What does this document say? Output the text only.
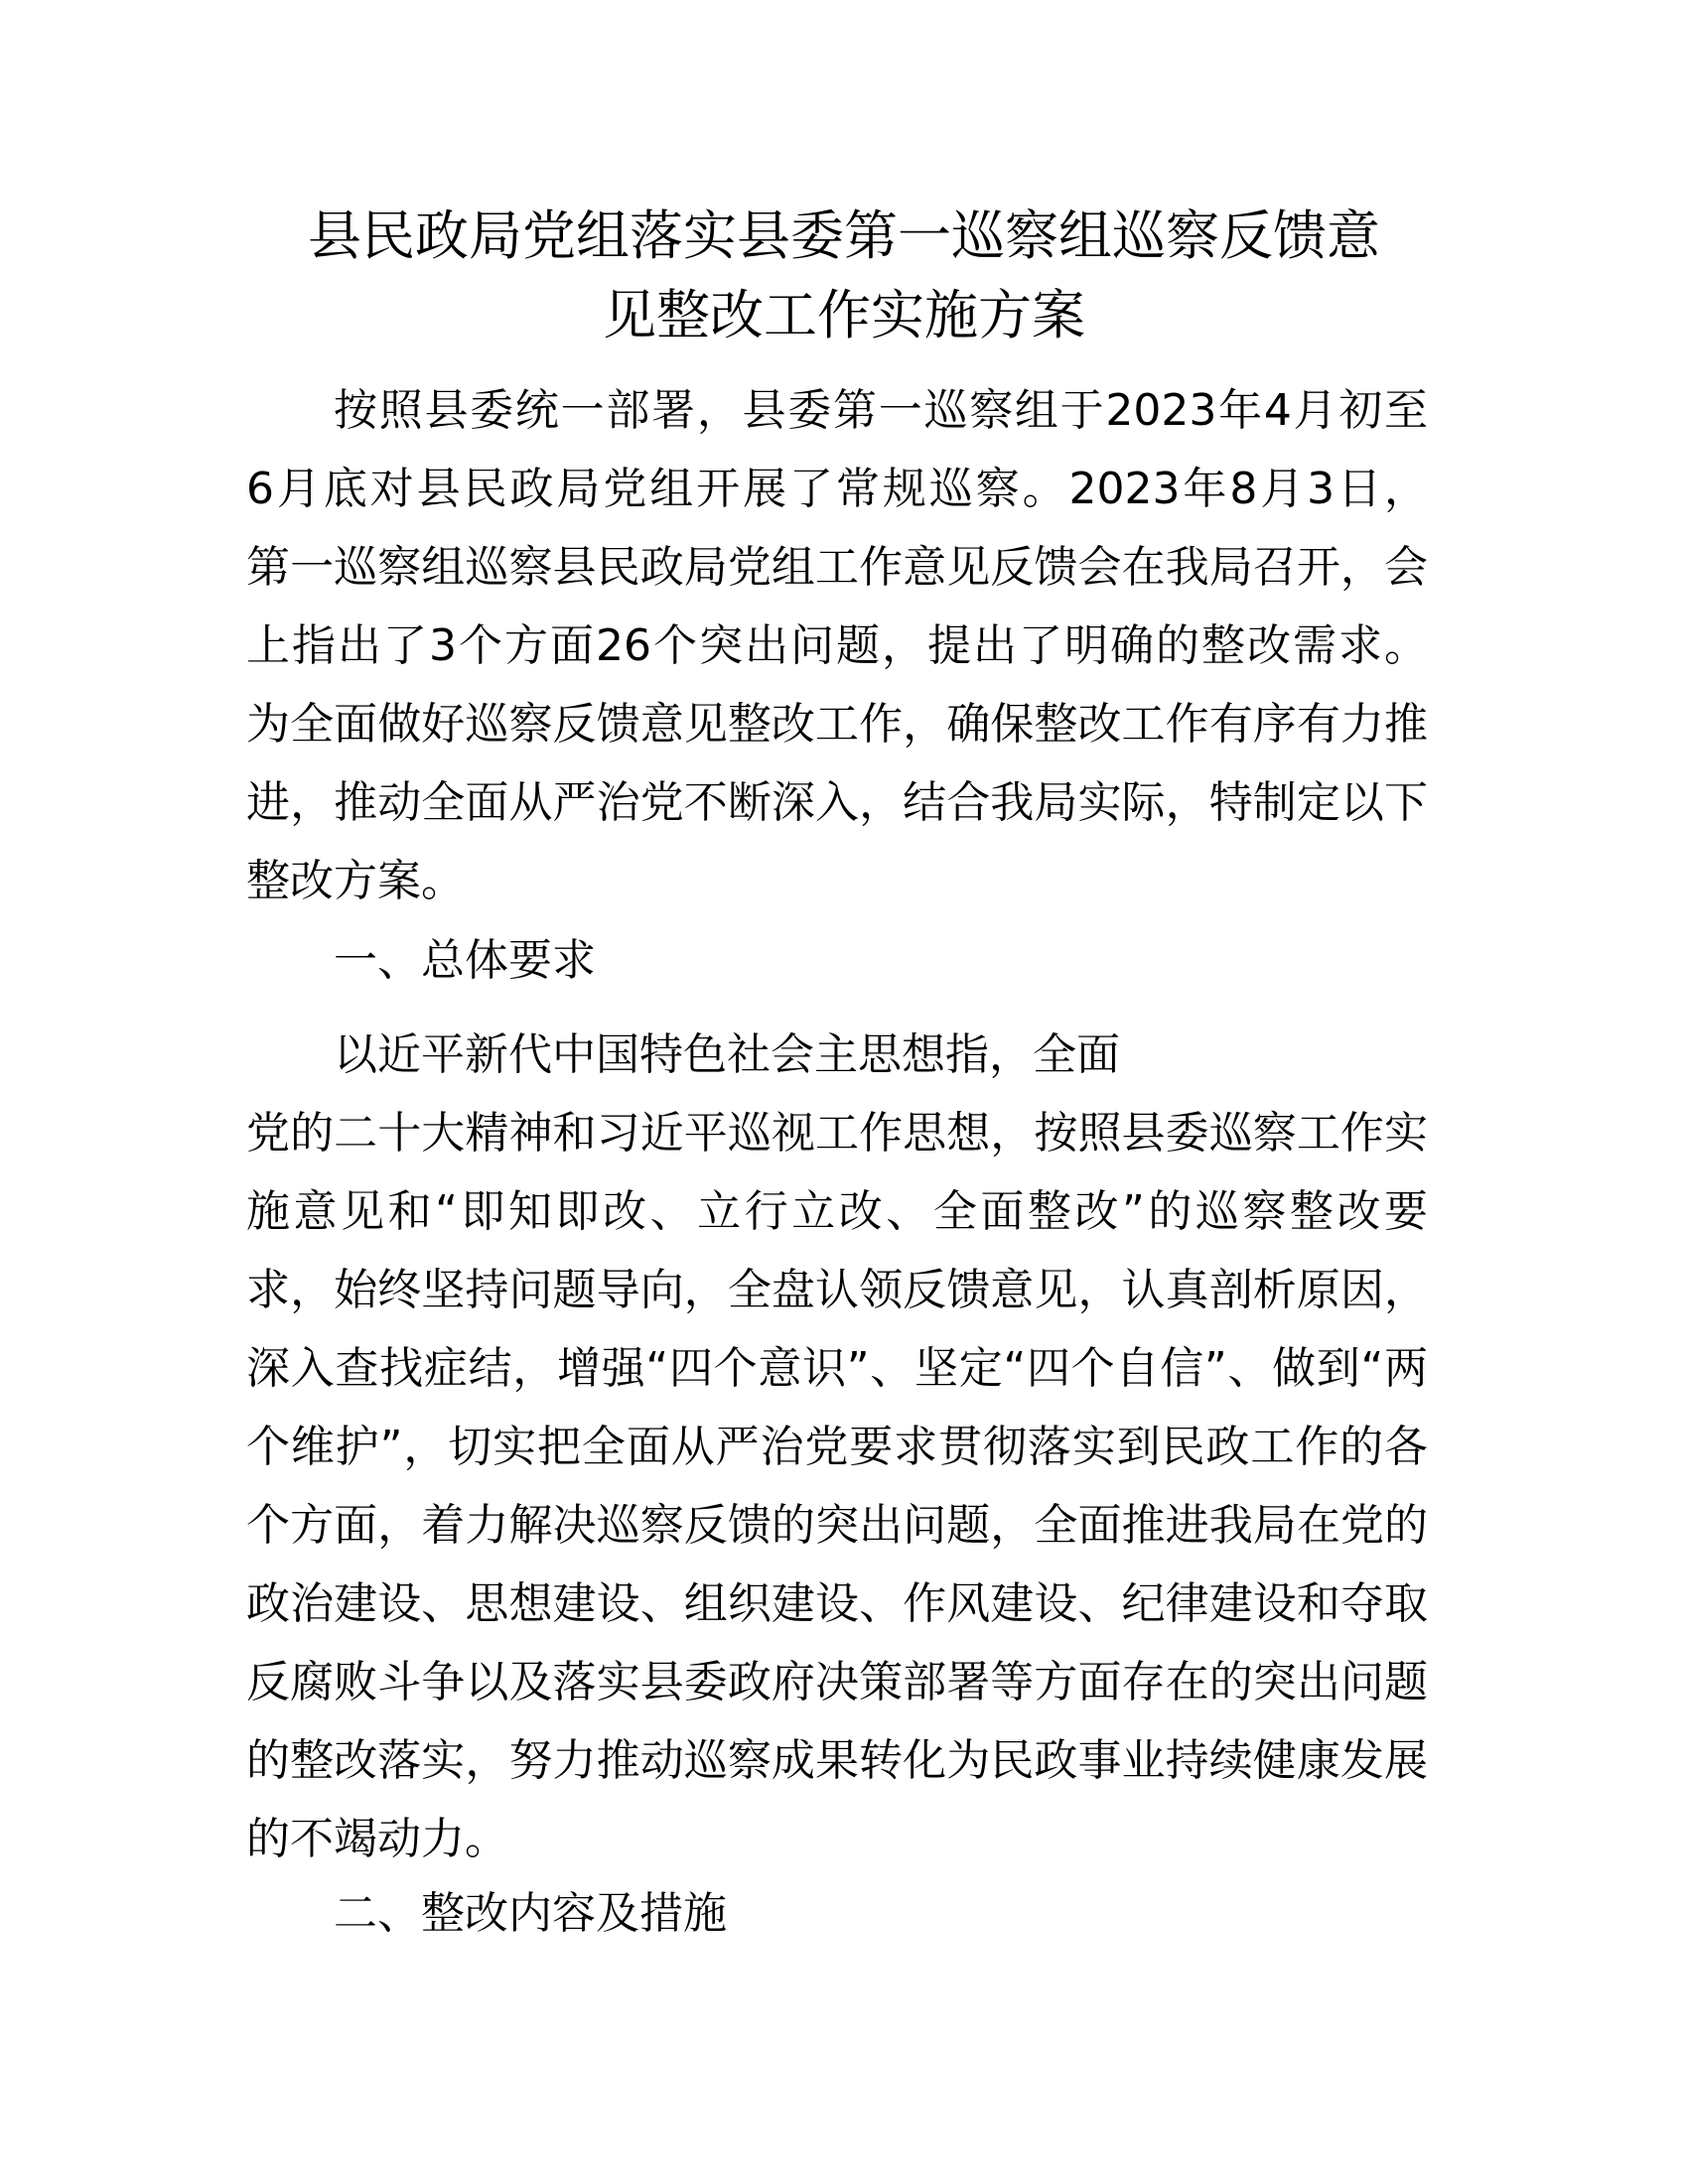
县民政局党组落实县委第一巡察组巡察反馈意
见整改工作实施方案
按照县委统一部署，县委第一巡察组于2023年4月初至
6月底对县民政局党组开展了常规巡察。2023年8月3日，
第一巡察组巡察县民政局党组工作意见反馈会在我局召开，会
上指出了3个方面26个突出问题，提出了明确的整改需求。
为全面做好巡察反馈意见整改工作，确保整改工作有序有力推
进，推动全面从严治党不断深入，结合我局实际，特制定以下
整改方案。
一、总体要求
以近平新代中国特色社会主思想指，全面
党的二十大精神和习近平巡视工作思想，按照县委巡察工作实
施意见和“即知即改、立行立改、全面整改”的巡察整改要
求，始终坚持问题导向，全盘认领反馈意见，认真剖析原因，
深入查找症结，增强“四个意识”、坚定“四个自信”、做到“两
个维护”，切实把全面从严治党要求贯彻落实到民政工作的各
个方面，着力解决巡察反馈的突出问题，全面推进我局在党的
政治建设、思想建设、组织建设、作风建设、纪律建设和夺取
反腐败斗争以及落实县委政府决策部署等方面存在的突出问题
的整改落实，努力推动巡察成果转化为民政事业持续健康发展
的不竭动力。
二、整改内容及措施
